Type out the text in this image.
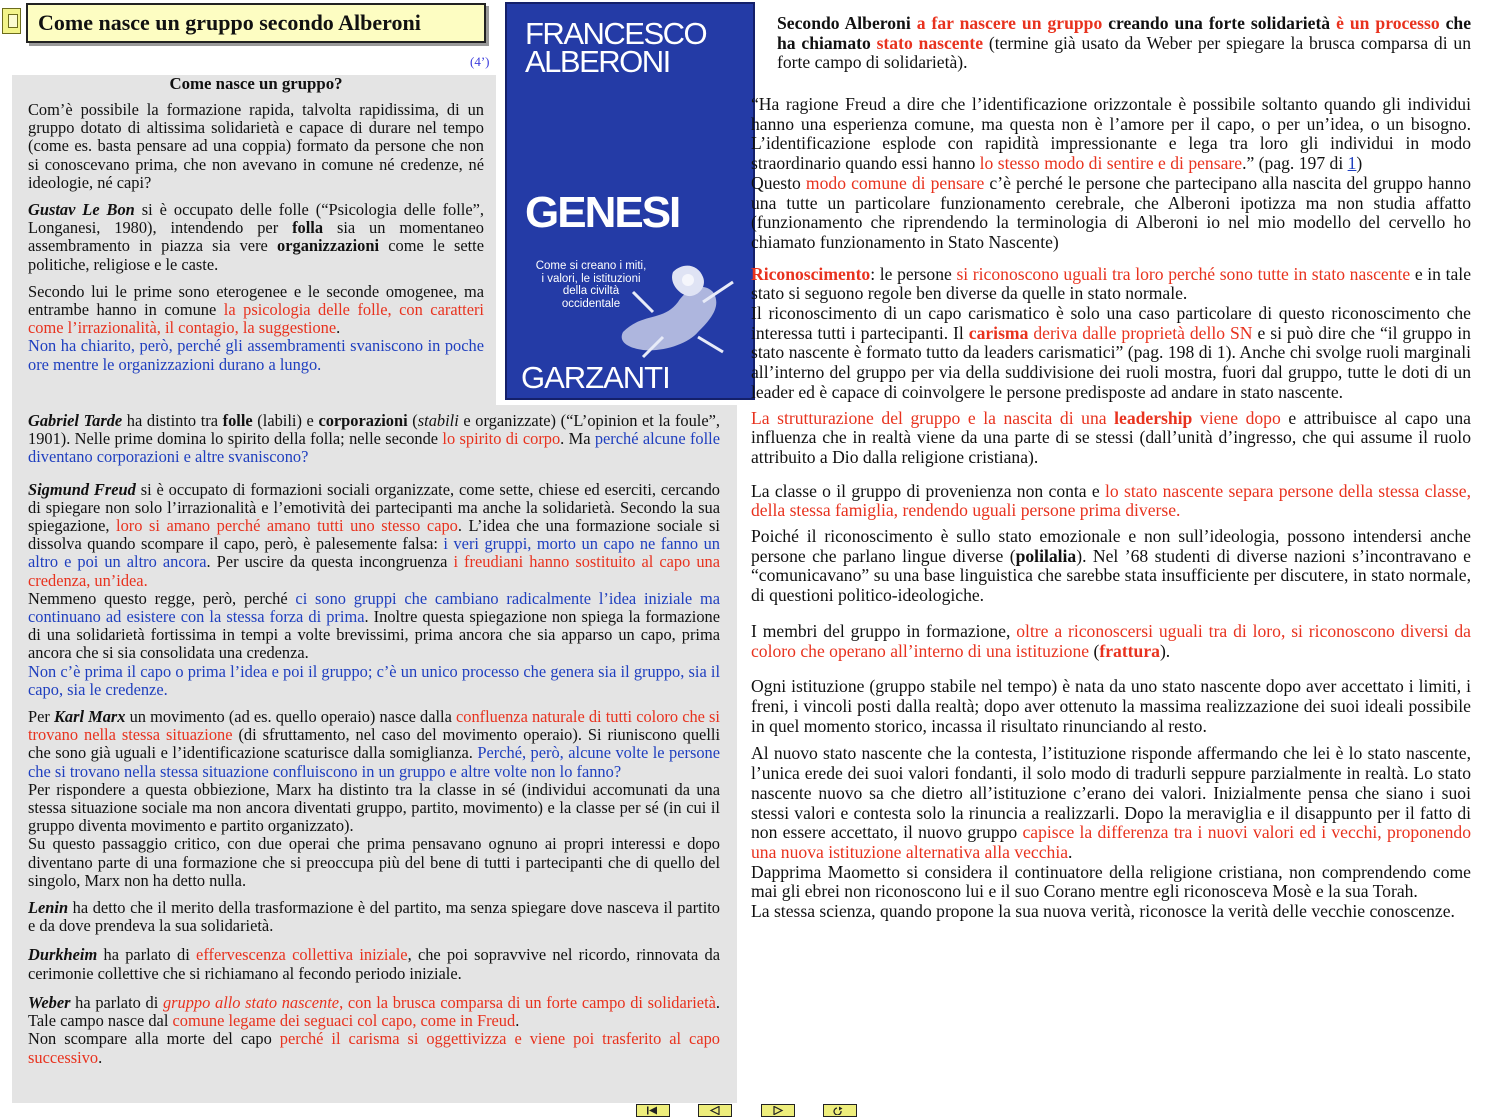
Come nasce un gruppo secondo Alberoni
(4’)
FRANCESCO
ALBERONI
GENESI
Come si creano i miti,
i valori, le istituzioni
della civiltà
occidentale
GARZANTI
Come nasce un gruppo?

Com’è possibile la formazione rapida, talvolta rapidissima, di un gruppo dotato di altissima solidarietà e capace di durare nel tempo (come es. basta pensare ad una coppia) formato da persone che non si conoscevano prima, che non avevano in comune né credenze, né ideologie, né capi?

Gustav Le Bon si è occupato delle folle (“Psicologia delle folle”, Longanesi, 1980), intendendo per folla sia un momentaneo assembramento in piazza sia vere organizzazioni come le sette politiche, religiose e le caste.

Secondo lui le prime sono eterogenee e le seconde omogenee, ma entrambe hanno in comune la psicologia delle folle, con caratteri come l’irrazionalità, il contagio, la suggestione.
Non ha chiarito, però, perché gli assembramenti svaniscono in poche ore mentre le organizzazioni durano a lungo.

Gabriel Tarde ha distinto tra folle (labili) e corporazioni (stabili e organizzate) (“L’opinion et la foule”, 1901). Nelle prime domina lo spirito della folla; nelle seconde lo spirito di corpo. Ma perché alcune folle diventano corporazioni e altre svaniscono?

Sigmund Freud si è occupato di formazioni sociali organizzate, come sette, chiese ed eserciti, cercando di spiegare non solo l’irrazionalità e l’emotività dei partecipanti ma anche la solidarietà. Secondo la sua spiegazione, loro si amano perché amano tutti uno stesso capo. L’idea che una formazione sociale si dissolva quando scompare il capo, però, è palesemente falsa: i veri gruppi, morto un capo ne fanno un altro e poi un altro ancora. Per uscire da questa incongruenza i freudiani hanno sostituito al capo una credenza, un’idea.
Nemmeno questo regge, però, perché ci sono gruppi che cambiano radicalmente l’idea iniziale ma continuano ad esistere con la stessa forza di prima. Inoltre questa spiegazione non spiega la formazione di una solidarietà fortissima in tempi a volte brevissimi, prima ancora che sia apparso un capo, prima ancora che si sia consolidata una credenza.
Non c’è prima il capo o prima l’idea e poi il gruppo; c’è un unico processo che genera sia il gruppo, sia il capo, sia le credenze.

Per Karl Marx un movimento (ad es. quello operaio) nasce dalla confluenza naturale di tutti coloro che si trovano nella stessa situazione (di sfruttamento, nel caso del movimento operaio). Si riuniscono quelli che sono già uguali e l’identificazione scaturisce dalla somiglianza. Perché, però, alcune volte le persone che si trovano nella stessa situazione confluiscono in un gruppo e altre volte non lo fanno?

Per rispondere a questa obbiezione, Marx ha distinto tra la classe in sé (individui accomunati da una stessa situazione sociale ma non ancora diventati gruppo, partito, movimento) e la classe per sé (in cui il gruppo diventa movimento e partito organizzato).

Su questo passaggio critico, con due operai che prima pensavano ognuno ai propri interessi e dopo diventano parte di una formazione che si preoccupa più del bene di tutti i partecipanti che di quello del singolo, Marx non ha detto nulla.

Lenin ha detto che il merito della trasformazione è del partito, ma senza spiegare dove nasceva il partito e da dove prendeva la sua solidarietà.

Durkheim ha parlato di effervescenza collettiva iniziale, che poi sopravvive nel ricordo, rinnovata da cerimonie collettive che si richiamano al fecondo periodo iniziale.

Weber ha parlato di gruppo allo stato nascente, con la brusca comparsa di un forte campo di solidarietà. Tale campo nasce dal comune legame dei seguaci col capo, come in Freud.
Non scompare alla morte del capo perché il carisma si oggettivizza e viene poi trasferito al capo successivo.

Secondo Alberoni a far nascere un gruppo creando una forte solidarietà è un processo che ha chiamato stato nascente (termine già usato da Weber per spiegare la brusca comparsa di un forte campo di solidarietà).

“Ha ragione Freud a dire che l’identificazione orizzontale è possibile soltanto quando gli individui hanno una esperienza comune, ma questa non è l’amore per il capo, o per un’idea, o un bisogno. L’identificazione esplode con rapidità impressionante e lega tra loro gli individui in modo straordinario quando essi hanno lo stesso modo di sentire e di pensare.” (pag. 197 di 1)

Questo modo comune di pensare c’è perché le persone che partecipano alla nascita del gruppo hanno una tutte un particolare funzionamento cerebrale, che Alberoni ipotizza ma non studia affatto (funzionamento che riprendendo la terminologia di Alberoni io nel mio modello del cervello ho chiamato funzionamento in Stato Nascente)

Riconoscimento: le persone si riconoscono uguali tra loro perché sono tutte in stato nascente e in tale stato si seguono regole ben diverse da quelle in stato normale.

Il riconoscimento di un capo carismatico è solo una caso particolare di questo riconoscimento che interessa tutti i partecipanti. Il carisma deriva dalle proprietà dello SN e si può dire che “il gruppo in stato nascente è formato tutto da leaders carismatici” (pag. 198 di 1). Anche chi svolge ruoli marginali all’interno del gruppo per via della suddivisione dei ruoli mostra, fuori dal gruppo, tutte le doti di un leader ed è capace di coinvolgere le persone predisposte ad andare in stato nascente.

La strutturazione del gruppo e la nascita di una leadership viene dopo e attribuisce al capo una influenza che in realtà viene da una parte di se stessi (dall’unità d’ingresso, che qui assume il ruolo attribuito a Dio dalla religione cristiana).

La classe o il gruppo di provenienza non conta e lo stato nascente separa persone della stessa classe, della stessa famiglia, rendendo uguali persone prima diverse.

Poiché il riconoscimento è sullo stato emozionale e non sull’ideologia, possono intendersi anche persone che parlano lingue diverse (polilalia). Nel ’68 studenti di diverse nazioni s’incontravano e “comunicavano” su una base linguistica che sarebbe stata insufficiente per discutere, in stato normale, di questioni politico-ideologiche.

I membri del gruppo in formazione, oltre a riconoscersi uguali tra di loro, si riconoscono diversi da coloro che operano all’interno di una istituzione (frattura).

Ogni istituzione (gruppo stabile nel tempo) è nata da uno stato nascente dopo aver accettato i limiti, i freni, i vincoli posti dalla realtà; dopo aver ottenuto la massima realizzazione dei suoi ideali possibile in quel momento storico, incassa il risultato rinunciando al resto.

Al nuovo stato nascente che la contesta, l’istituzione risponde affermando che lei è lo stato nascente, l’unica erede dei suoi valori fondanti, il solo modo di tradurli seppure parzialmente in realtà. Lo stato nascente nuovo sa che dietro all’istituzione c’erano dei valori. Inizialmente pensa che siano i suoi stessi valori e contesta solo la rinuncia a realizzarli. Dopo la meraviglia e il disappunto per il fatto di non essere accettato, il nuovo gruppo capisce la differenza tra i nuovi valori ed i vecchi, proponendo una nuova istituzione alternativa alla vecchia.

Dapprima Maometto si considera il continuatore della religione cristiana, non comprendendo come mai gli ebrei non riconoscono lui e il suo Corano mentre egli riconosceva Mosè e la sua Torah.

La stessa scienza, quando propone la sua nuova verità, riconosce la verità delle vecchie conoscenze.
